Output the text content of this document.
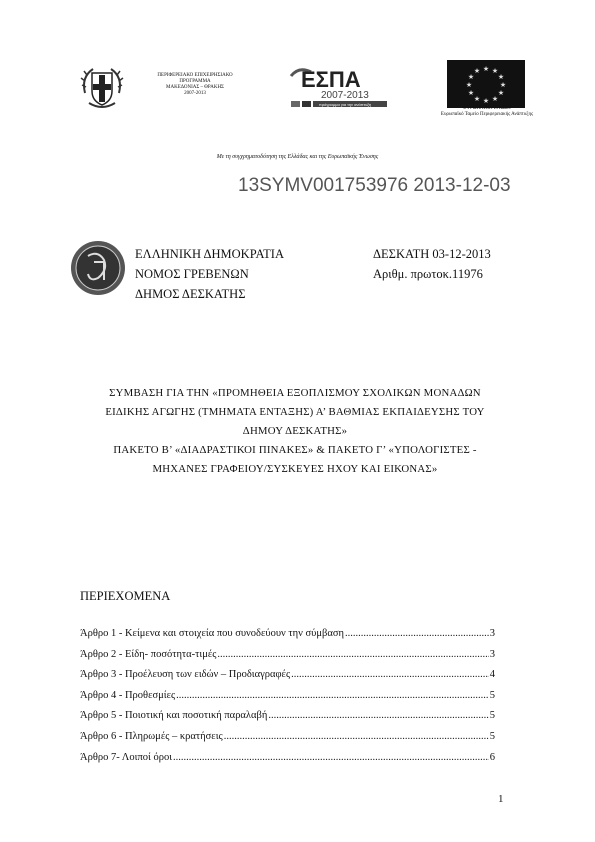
ΠΕΡΙΦΕΡΕΙΑΚΟ ΕΠΙΧΕΙΡΗΣΙΑΚΟ
ΠΡΟΓΡΑΜΜΑ
ΜΑΚΕΔΟΝΙΑΣ – ΘΡΑΚΗΣ
2007-2013
ΕΣΠΑ
2007-2013
πρόγραμμα για την ανάπτυξη
★ ★
★
★
★
★
★
★
★
★
★
★
ΕΥΡΩΠΑΪΚΗ ΕΝΩΣΗ
Ευρωπαϊκό Ταμείο Περιφερειακής Ανάπτυξης
Με τη συγχρηματοδότηση της Ελλάδας και της Ευρωπαϊκής Ένωσης
13SYMV001753976 2013-12-03
ΕΛΛΗΝΙΚΗ ΔΗΜΟΚΡΑΤΙΑ
ΝΟΜΟΣ ΓΡΕΒΕΝΩΝ
ΔΗΜΟΣ ΔΕΣΚΑΤΗΣ
ΔΕΣΚΑΤΗ 03-12-2013
Αριθμ. πρωτοκ.11976
ΣΥΜΒΑΣΗ ΓΙΑ ΤΗΝ «ΠΡΟΜΗΘΕΙΑ ΕΞΟΠΛΙΣΜΟΥ ΣΧΟΛΙΚΩΝ ΜΟΝΑΔΩΝ
ΕΙΔΙΚΗΣ ΑΓΩΓΗΣ (ΤΜΗΜΑΤΑ ΕΝΤΑΞΗΣ) Α’ ΒΑΘΜΙΑΣ ΕΚΠΑΙΔΕΥΣΗΣ ΤΟΥ
ΔΗΜΟΥ ΔΕΣΚΑΤΗΣ»
ΠΑΚΕΤΟ Β’ «ΔΙΑΔΡΑΣΤΙΚΟΙ ΠΙΝΑΚΕΣ» & ΠΑΚΕΤΟ Γ’ «ΥΠΟΛΟΓΙΣΤΕΣ -
ΜΗΧΑΝΕΣ ΓΡΑΦΕΙΟΥ/ΣΥΣΚΕΥΕΣ ΗΧΟΥ ΚΑΙ ΕΙΚΟΝΑΣ»
ΠΕΡΙΕΧΟΜΕΝΑ
Άρθρο 1 - Κείμενα και στοιχεία που συνοδεύουν την σύμβαση .....	3
Άρθρο 2 - Είδη- ποσότητα-τιμές .....	3
Άρθρο 3 - Προέλευση των ειδών – Προδιαγραφές .....	4
Άρθρο 4 - Προθεσμίες .....	5
Άρθρο 5 - Ποιοτική και ποσοτική παραλαβή .....	5
Άρθρο 6 - Πληρωμές – κρατήσεις .....	5
Άρθρο 7- Λοιποί όροι .....	6
1
